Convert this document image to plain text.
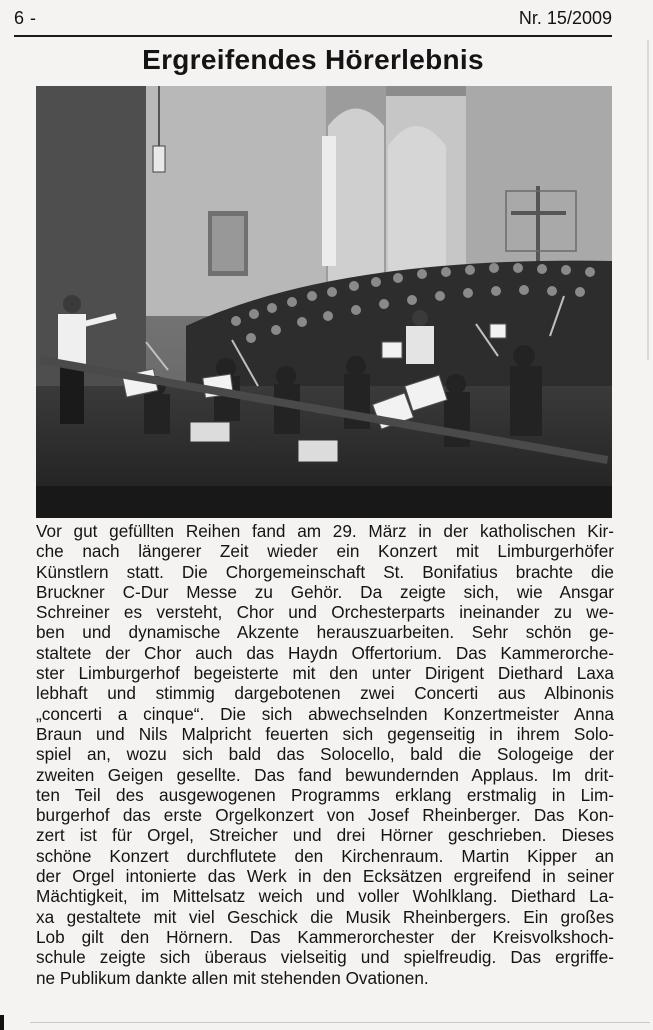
6 -	Nr. 15/2009
Ergreifendes Hörerlebnis
Vor gut gefüllten Reihen fand am 29. März in der katholischen Kir-
che nach längerer Zeit wieder ein Konzert mit Limburgerhöfer
Künstlern statt. Die Chorgemeinschaft St. Bonifatius brachte die
Bruckner C-Dur Messe zu Gehör. Da zeigte sich, wie Ansgar
Schreiner es versteht, Chor und Orchesterparts ineinander zu we-
ben und dynamische Akzente herauszuarbeiten. Sehr schön ge-
staltete der Chor auch das Haydn Offertorium. Das Kammerorche-
ster Limburgerhof begeisterte mit den unter Dirigent Diethard Laxa
lebhaft und stimmig dargebotenen zwei Concerti aus Albinonis
„concerti a cinque“. Die sich abwechselnden Konzertmeister Anna
Braun und Nils Malpricht feuerten sich gegenseitig in ihrem Solo-
spiel an, wozu sich bald das Solocello, bald die Sologeige der
zweiten Geigen gesellte. Das fand bewundernden Applaus. Im drit-
ten Teil des ausgewogenen Programms erklang erstmalig in Lim-
burgerhof das erste Orgelkonzert von Josef Rheinberger. Das Kon-
zert ist für Orgel, Streicher und drei Hörner geschrieben. Dieses
schöne Konzert durchflutete den Kirchenraum. Martin Kipper an
der Orgel intonierte das Werk in den Ecksätzen ergreifend in seiner
Mächtigkeit, im Mittelsatz weich und voller Wohlklang. Diethard La-
xa gestaltete mit viel Geschick die Musik Rheinbergers. Ein großes
Lob gilt den Hörnern. Das Kammerorchester der Kreisvolkshoch-
schule zeigte sich überaus vielseitig und spielfreudig. Das ergriffe-
ne Publikum dankte allen mit stehenden Ovationen.
